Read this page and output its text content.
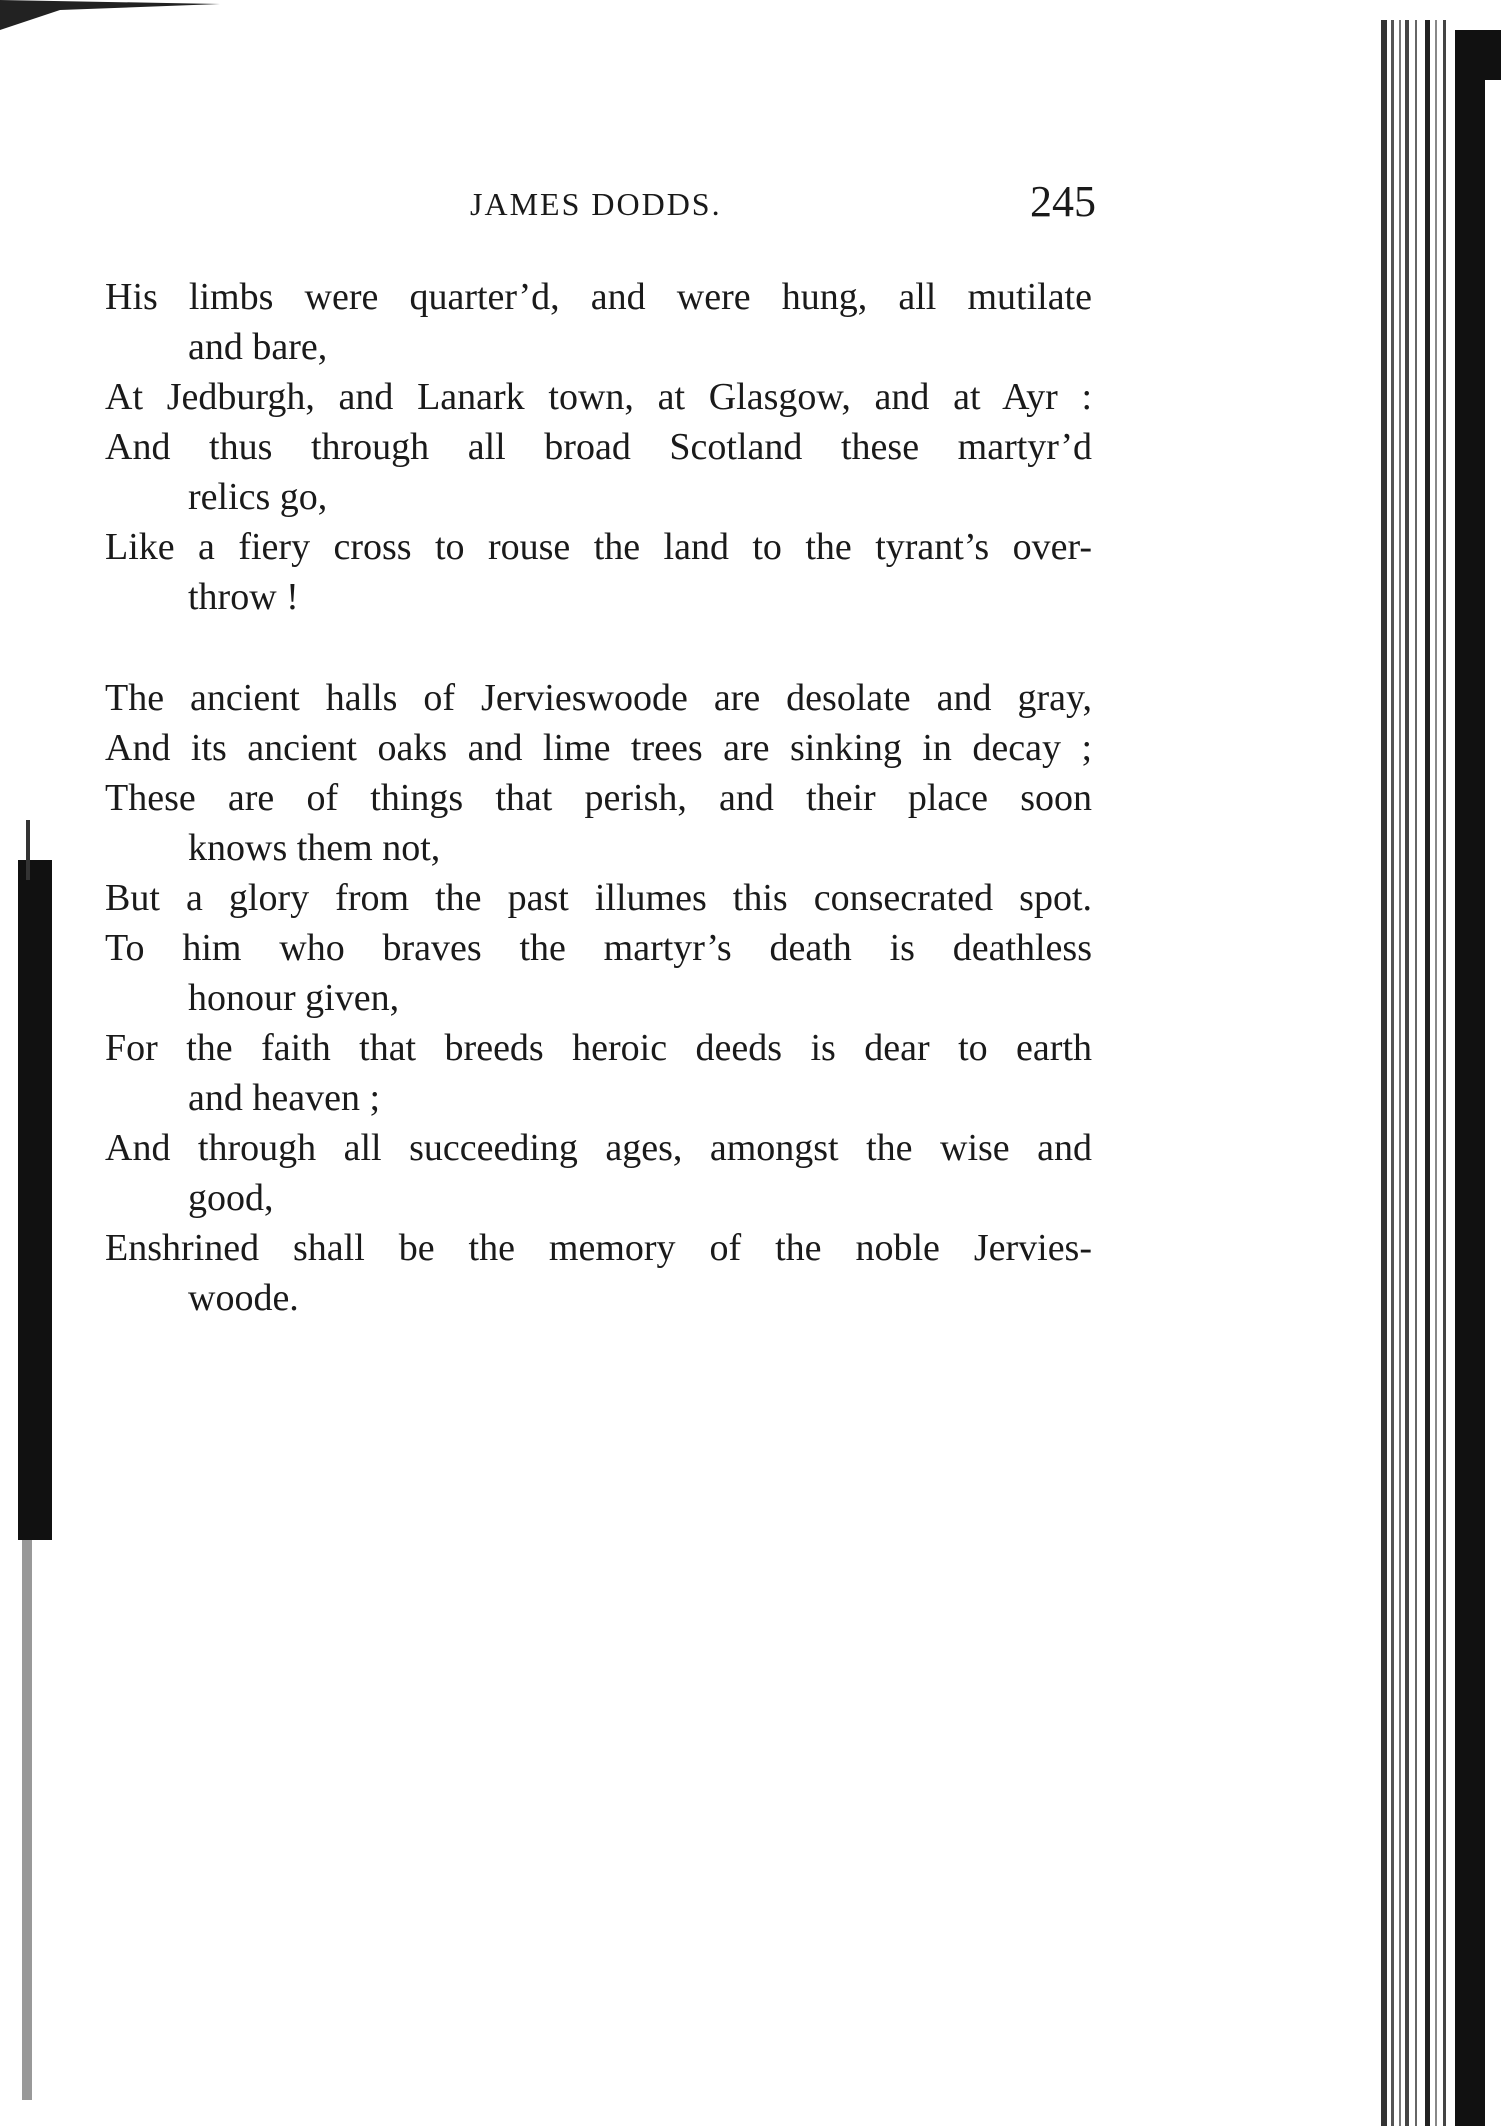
JAMES DODDS.	245
His limbs were quarter’d, and were hung, all mutilate
and bare,
At Jedburgh, and Lanark town, at Glasgow, and at Ayr :
And thus through all broad Scotland these martyr’d
relics go,
Like a fiery cross to rouse the land to the tyrant’s over-
throw !
The ancient halls of Jervieswoode are desolate and gray,
And its ancient oaks and lime trees are sinking in decay ;
These are of things that perish, and their place soon
knows them not,
But a glory from the past illumes this consecrated spot.
To him who braves the martyr’s death is deathless
honour given,
For the faith that breeds heroic deeds is dear to earth
and heaven ;
And through all succeeding ages, amongst the wise and
good,
Enshrined shall be the memory of the noble Jervies-
woode.
